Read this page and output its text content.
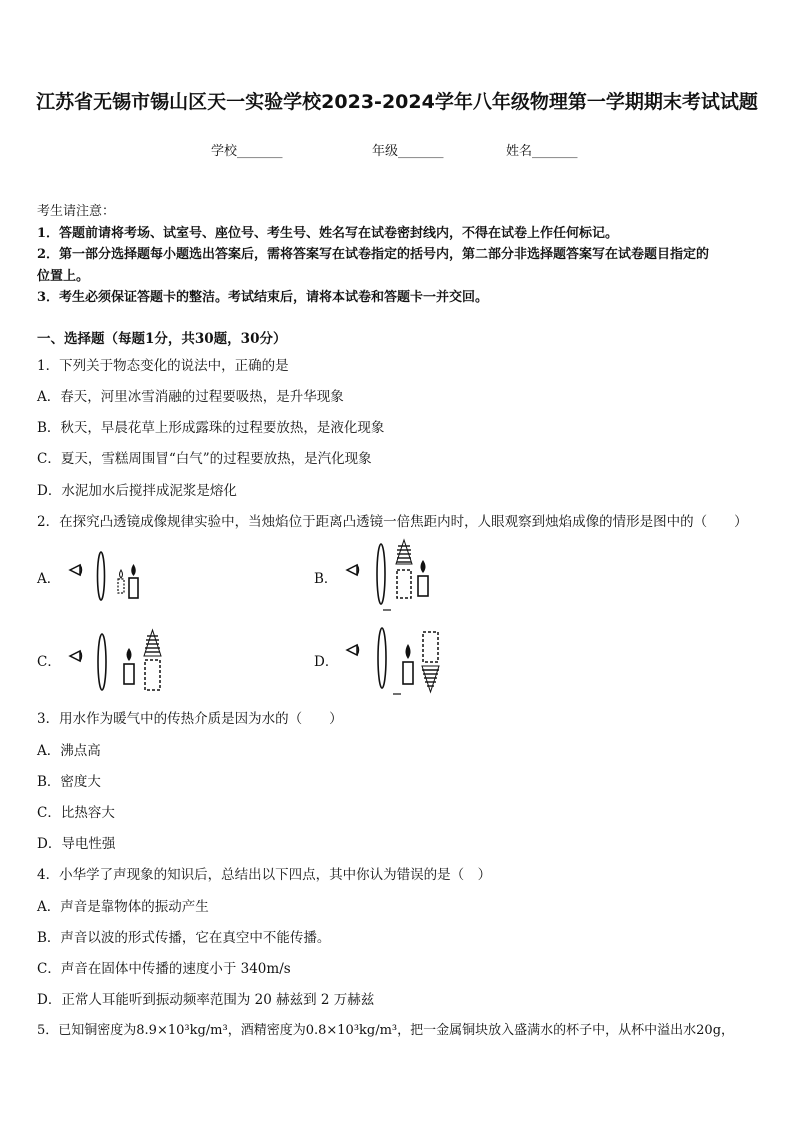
江苏省无锡市锡山区天一实验学校2023-2024学年八年级物理第一学期期末考试试题
学校_______	年级_______	姓名_______
考生请注意：
1．答题前请将考场、试室号、座位号、考生号、姓名写在试卷密封线内，不得在试卷上作任何标记。
2．第一部分选择题每小题选出答案后，需将答案写在试卷指定的括号内，第二部分非选择题答案写在试卷题目指定的
位置上。
3．考生必须保证答题卡的整洁。考试结束后，请将本试卷和答题卡一并交回。
一、选择题（每题1分，共30题，30分）
1．下列关于物态变化的说法中，正确的是
A．春天，河里冰雪消融的过程要吸热，是升华现象
B．秋天，早晨花草上形成露珠的过程要放热，是液化现象
C．夏天，雪糕周围冒“白气”的过程要放热，是汽化现象
D．水泥加水后搅拌成泥浆是熔化
2．在探究凸透镜成像规律实验中，当烛焰位于距离凸透镜一倍焦距内时，人眼观察到烛焰成像的情形是图中的（　　）
A．	B．
C．	D．
3．用水作为暖气中的传热介质是因为水的（　　）
A．沸点高
B．密度大
C．比热容大
D．导电性强
4．小华学了声现象的知识后，总结出以下四点，其中你认为错误的是（　）
A．声音是靠物体的振动产生
B．声音以波的形式传播，它在真空中不能传播。
C．声音在固体中传播的速度小于 340m/s
D．正常人耳能听到振动频率范围为 20 赫兹到 2 万赫兹
5．已知铜密度为8.9×10³kg/m³，酒精密度为0.8×10³kg/m³，把一金属铜块放入盛满水的杯子中，从杯中溢出水20g，
